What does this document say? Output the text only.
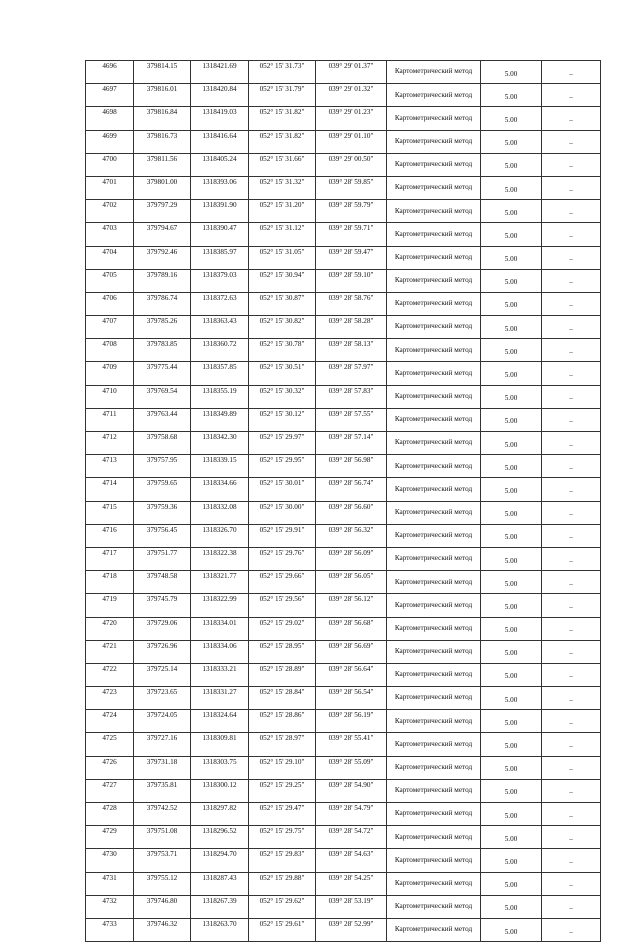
4696	379814.15	1318421.69	052° 15' 31.73"	039° 29' 01.37"	Картометрический метод	5.00	–
4697	379816.01	1318420.84	052° 15' 31.79"	039° 29' 01.32"	Картометрический метод	5.00	–
4698	379816.84	1318419.03	052° 15' 31.82"	039° 29' 01.23"	Картометрический метод	5.00	–
4699	379816.73	1318416.64	052° 15' 31.82"	039° 29' 01.10"	Картометрический метод	5.00	–
4700	379811.56	1318405.24	052° 15' 31.66"	039° 29' 00.50"	Картометрический метод	5.00	–
4701	379801.00	1318393.06	052° 15' 31.32"	039° 28' 59.85"	Картометрический метод	5.00	–
4702	379797.29	1318391.90	052° 15' 31.20"	039° 28' 59.79"	Картометрический метод	5.00	–
4703	379794.67	1318390.47	052° 15' 31.12"	039° 28' 59.71"	Картометрический метод	5.00	–
4704	379792.46	1318385.97	052° 15' 31.05"	039° 28' 59.47"	Картометрический метод	5.00	–
4705	379789.16	1318379.03	052° 15' 30.94"	039° 28' 59.10"	Картометрический метод	5.00	–
4706	379786.74	1318372.63	052° 15' 30.87"	039° 28' 58.76"	Картометрический метод	5.00	–
4707	379785.26	1318363.43	052° 15' 30.82"	039° 28' 58.28"	Картометрический метод	5.00	–
4708	379783.85	1318360.72	052° 15' 30.78"	039° 28' 58.13"	Картометрический метод	5.00	–
4709	379775.44	1318357.85	052° 15' 30.51"	039° 28' 57.97"	Картометрический метод	5.00	–
4710	379769.54	1318355.19	052° 15' 30.32"	039° 28' 57.83"	Картометрический метод	5.00	–
4711	379763.44	1318349.89	052° 15' 30.12"	039° 28' 57.55"	Картометрический метод	5.00	–
4712	379758.68	1318342.30	052° 15' 29.97"	039° 28' 57.14"	Картометрический метод	5.00	–
4713	379757.95	1318339.15	052° 15' 29.95"	039° 28' 56.98"	Картометрический метод	5.00	–
4714	379759.65	1318334.66	052° 15' 30.01"	039° 28' 56.74"	Картометрический метод	5.00	–
4715	379759.36	1318332.08	052° 15' 30.00"	039° 28' 56.60"	Картометрический метод	5.00	–
4716	379756.45	1318326.70	052° 15' 29.91"	039° 28' 56.32"	Картометрический метод	5.00	–
4717	379751.77	1318322.38	052° 15' 29.76"	039° 28' 56.09"	Картометрический метод	5.00	–
4718	379748.58	1318321.77	052° 15' 29.66"	039° 28' 56.05"	Картометрический метод	5.00	–
4719	379745.79	1318322.99	052° 15' 29.56"	039° 28' 56.12"	Картометрический метод	5.00	–
4720	379729.06	1318334.01	052° 15' 29.02"	039° 28' 56.68"	Картометрический метод	5.00	–
4721	379726.96	1318334.06	052° 15' 28.95"	039° 28' 56.69"	Картометрический метод	5.00	–
4722	379725.14	1318333.21	052° 15' 28.89"	039° 28' 56.64"	Картометрический метод	5.00	–
4723	379723.65	1318331.27	052° 15' 28.84"	039° 28' 56.54"	Картометрический метод	5.00	–
4724	379724.05	1318324.64	052° 15' 28.86"	039° 28' 56.19"	Картометрический метод	5.00	–
4725	379727.16	1318309.81	052° 15' 28.97"	039° 28' 55.41"	Картометрический метод	5.00	–
4726	379731.18	1318303.75	052° 15' 29.10"	039° 28' 55.09"	Картометрический метод	5.00	–
4727	379735.81	1318300.12	052° 15' 29.25"	039° 28' 54.90"	Картометрический метод	5.00	–
4728	379742.52	1318297.82	052° 15' 29.47"	039° 28' 54.79"	Картометрический метод	5.00	–
4729	379751.08	1318296.52	052° 15' 29.75"	039° 28' 54.72"	Картометрический метод	5.00	–
4730	379753.71	1318294.70	052° 15' 29.83"	039° 28' 54.63"	Картометрический метод	5.00	–
4731	379755.12	1318287.43	052° 15' 29.88"	039° 28' 54.25"	Картометрический метод	5.00	–
4732	379746.80	1318267.39	052° 15' 29.62"	039° 28' 53.19"	Картометрический метод	5.00	–
4733	379746.32	1318263.70	052° 15' 29.61"	039° 28' 52.99"	Картометрический метод	5.00	–
